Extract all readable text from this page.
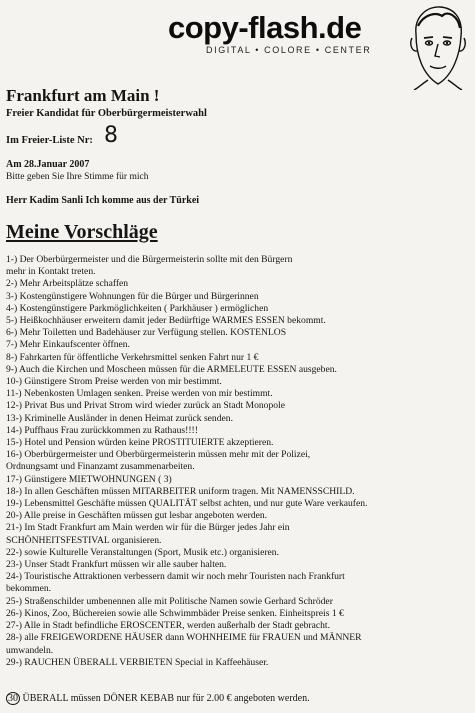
copy-flash.de
DIGITAL • COLORE • CENTER
Frankfurt am Main !
Freier Kandidat für Oberbürgermeisterwahl
Im Freier-Liste Nr: 8
Am 28.Januar 2007
Bitte geben Sie Ihre Stimme für mich
Herr Kadim Sanli Ich komme aus der Türkei
Meine Vorschläge
1-) Der Oberbürgermeister und die Bürgermeisterin sollte mit den Bürgern
mehr in Kontakt treten.
2-) Mehr Arbeitsplätze schaffen
3-) Kostengünstigere Wohnungen für die Bürger und Bürgerinnen
4-) Kostengünstigere Parkmöglichkeiten ( Parkhäuser ) ermöglichen
5-) Heißkochhäuser erweitern damit jeder Bedürftige WARMES ESSEN bekommt.
6-) Mehr Toiletten und Badehäuser zur Verfügung stellen. KOSTENLOS
7-) Mehr Einkaufscenter öffnen.
8-) Fahrkarten für öffentliche Verkehrsmittel senken Fahrt nur 1 €
9-) Auch die Kirchen und Moscheen müssen für die ARMELEUTE ESSEN ausgeben.
10-) Günstigere Strom Preise werden von mir bestimmt.
11-) Nebenkosten Umlagen senken. Preise werden von mir bestimmt.
12-) Privat Bus und Privat Strom wird wieder zurück an Stadt Monopole
13-) Kriminelle Ausländer in denen Heimat zurück senden.
14-) Puffhaus Frau zurückkommen zu Rathaus!!!!
15-) Hotel und Pension würden keine PROSTITUIERTE akzeptieren.
16-) Oberbürgermeister und Oberbürgermeisterin müssen mehr mit der Polizei,
Ordnungsamt und Finanzamt zusammenarbeiten.
17-) Günstigere MIETWOHNUNGEN ( 3)
18-) In allen Geschäften müssen MITARBEITER uniform tragen. Mit NAMENSSCHILD.
19-) Lebensmittel Geschäfte müssen QUALITÄT selbst achten, und nur gute Ware verkaufen.
20-) Alle preise in Geschäften müssen gut lesbar angeboten werden.
21-) Im Stadt Frankfurt am Main werden wir für die Bürger jedes Jahr ein
SCHÖNHEITSFESTIVAL organisieren.
22-) sowie Kulturelle Veranstaltungen (Sport, Musik etc.) organisieren.
23-) Unser Stadt Frankfurt müssen wir alle sauber halten.
24-) Touristische Attraktionen verbessern damit wir noch mehr Touristen nach Frankfurt
bekommen.
25-) Straßenschilder umbenennen alle mit Politische Namen sowie Gerhard Schröder
26-) Kinos, Zoo, Büchereien sowie alle Schwimmbäder Preise senken. Einheitspreis 1 €
27-) Alle in Stadt befindliche EROSCENTER, werden außerhalb der Stadt gebracht.
28-) alle FREIGEWORDENE HÄUSER dann WOHNHEIME für FRAUEN und MÄNNER
umwandeln.
29-) RAUCHEN ÜBERALL VERBIETEN Special in Kaffeehäuser.
30 ÜBERALL müssen DÖNER KEBAB nur für 2.00 € angeboten werden.
